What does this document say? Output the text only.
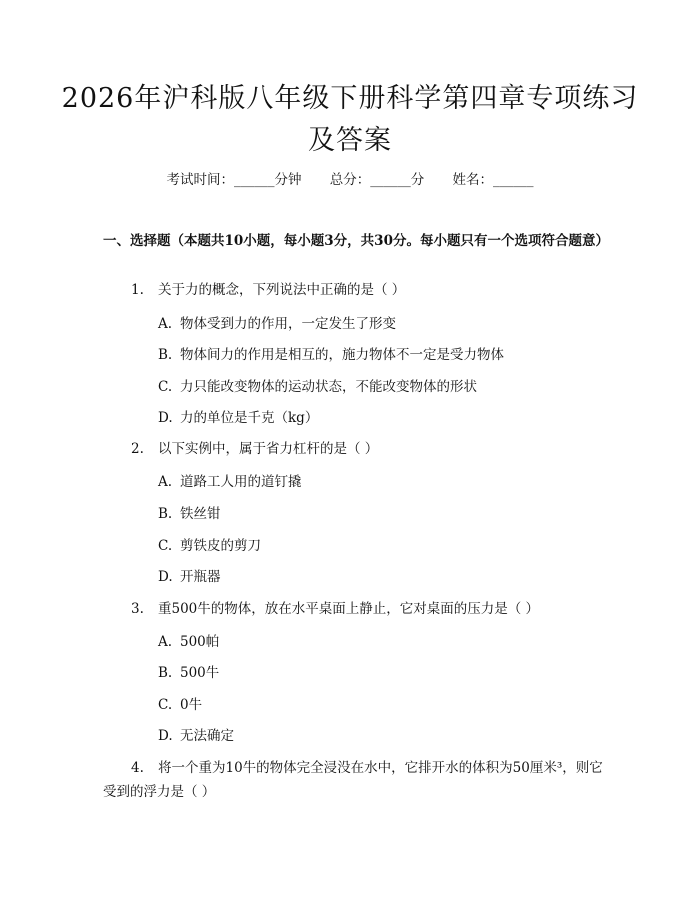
2026年沪科版八年级下册科学第四章专项练习及答案
考试时间：______分钟 总分：______分 姓名：______
一、选择题（本题共10小题，每小题3分，共30分。每小题只有一个选项符合题意）
1. 关于力的概念，下列说法中正确的是（ ）
A. 物体受到力的作用，一定发生了形变
B. 物体间力的作用是相互的，施力物体不一定是受力物体
C. 力只能改变物体的运动状态，不能改变物体的形状
D. 力的单位是千克（kg）
2. 以下实例中，属于省力杠杆的是（ ）
A. 道路工人用的道钉撬
B. 铁丝钳
C. 剪铁皮的剪刀
D. 开瓶器
3. 重500牛的物体，放在水平桌面上静止，它对桌面的压力是（ ）
A. 500帕
B. 500牛
C. 0牛
D. 无法确定
4. 将一个重为10牛的物体完全浸没在水中，它排开水的体积为50厘米³，则它受到的浮力是（ ）
